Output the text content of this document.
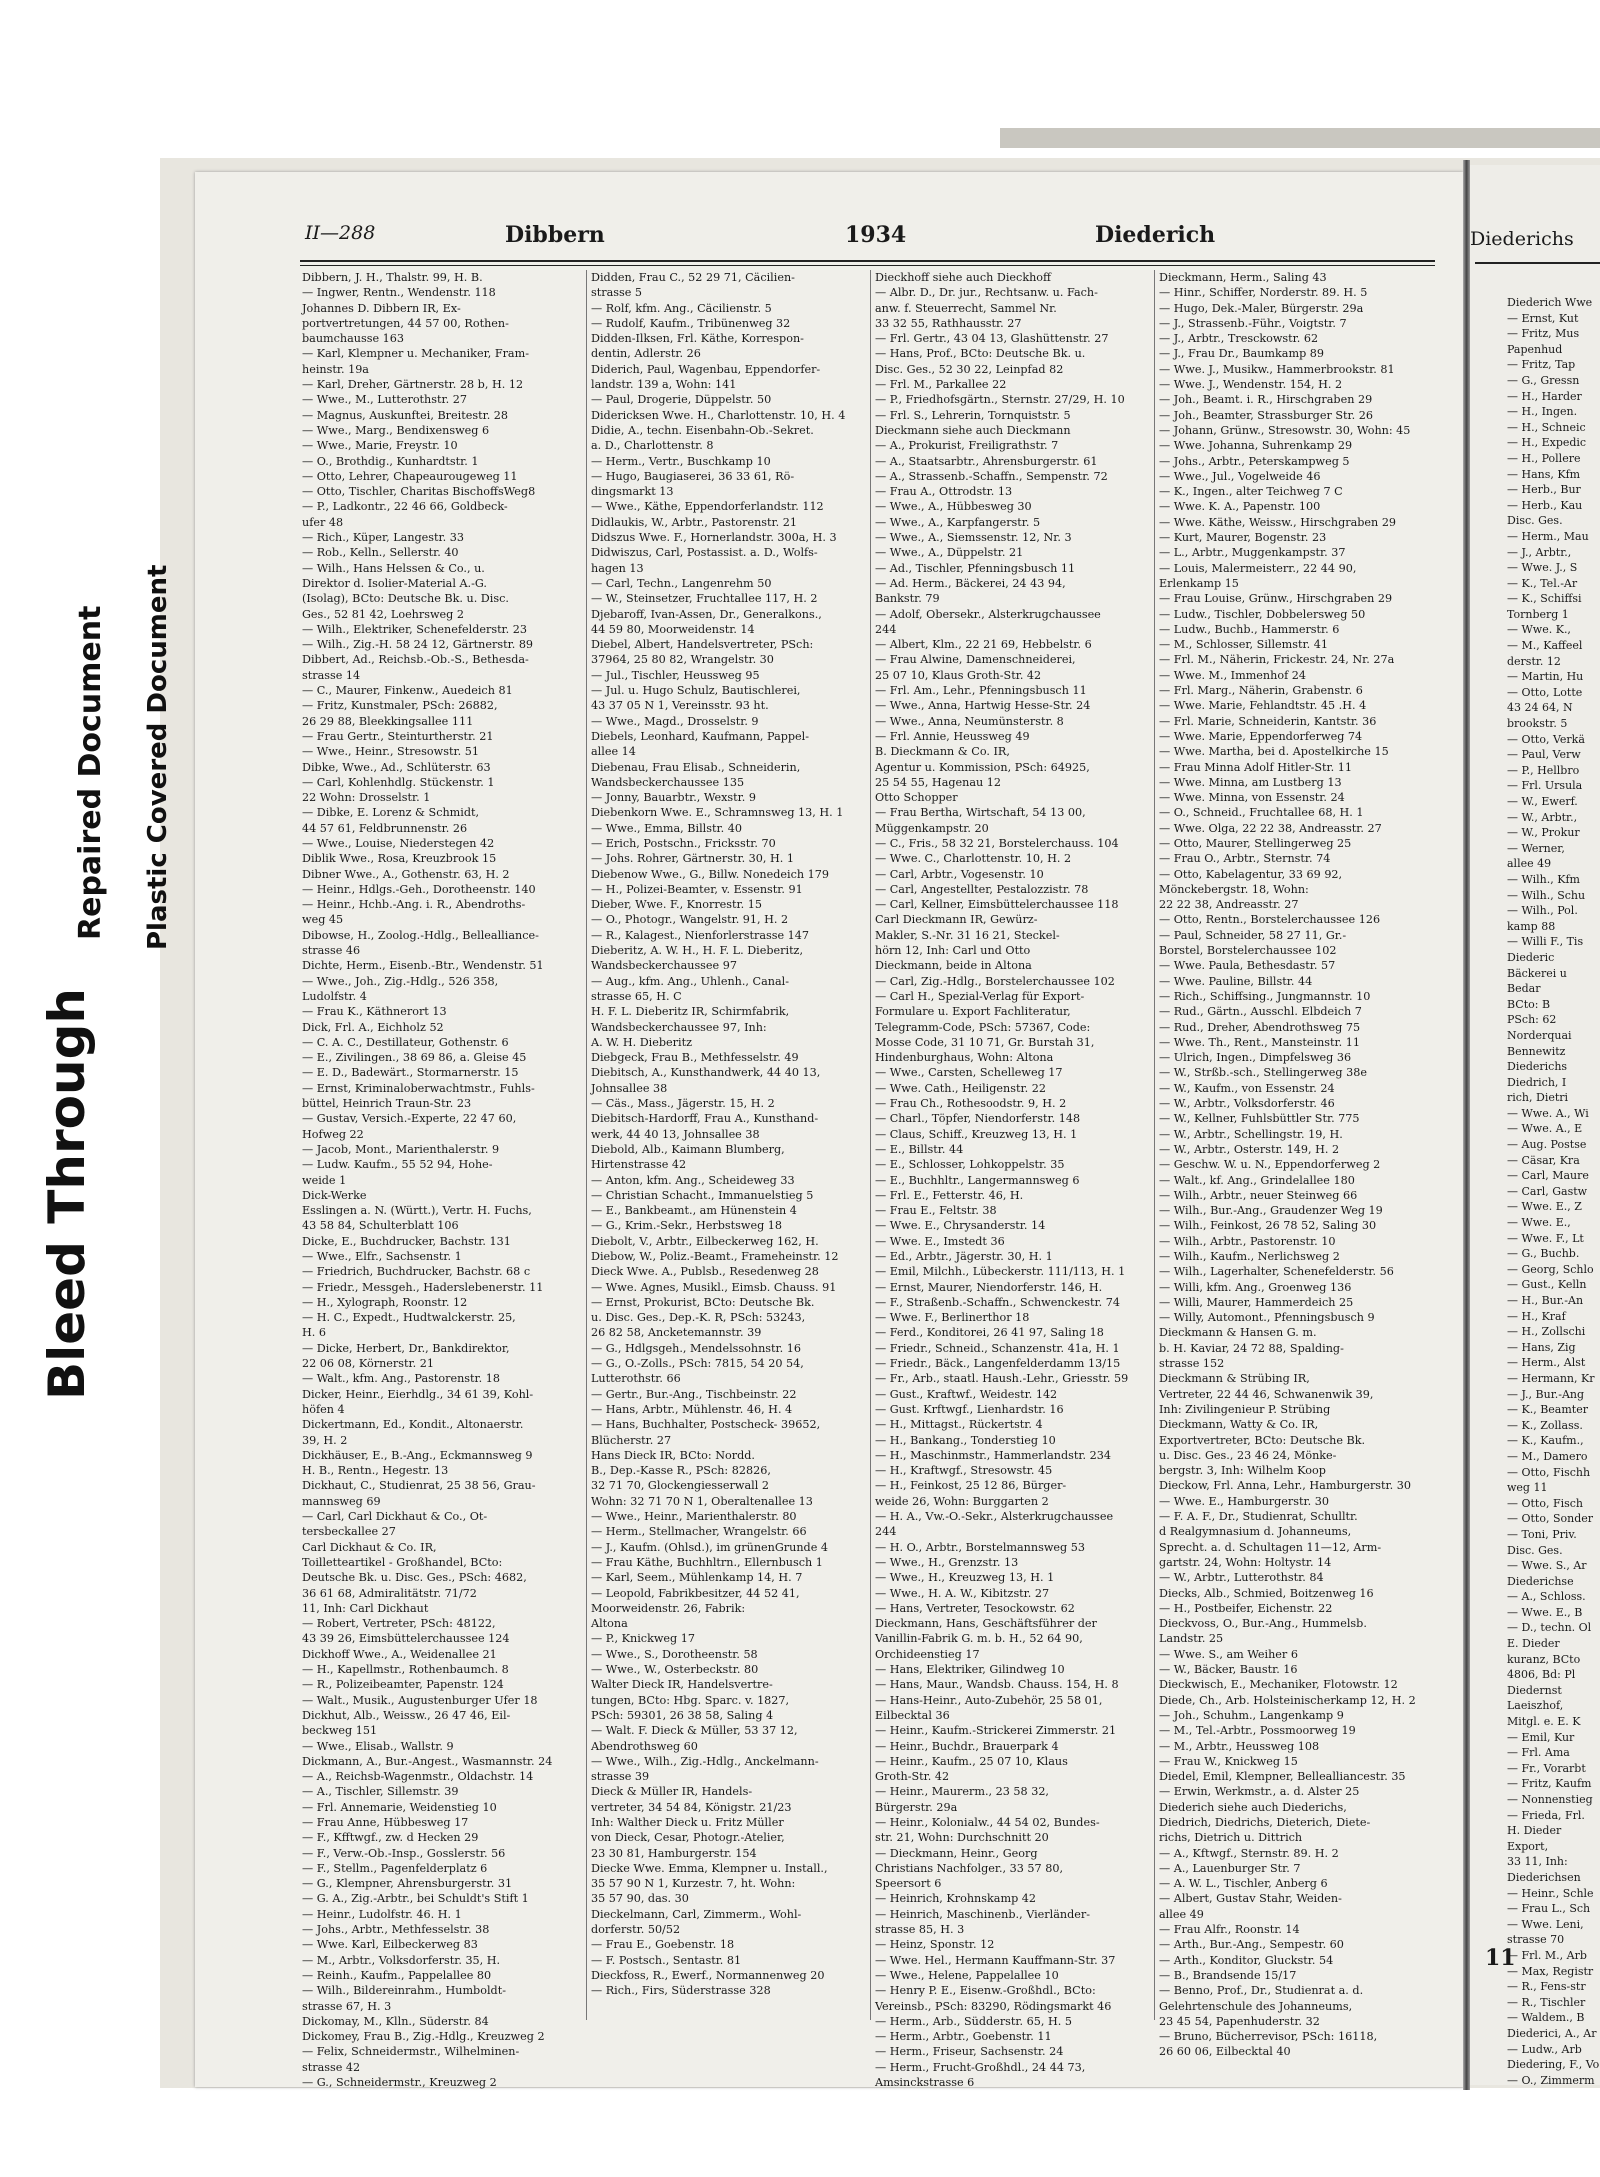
Bleed Through
Repaired Document Plastic Covered Document
II—288	Dibbern	1934	Diederich

Dibbern, J. H., Thalstr. 99, H. B.

— Ingwer, Rentn., Wendenstr. 118

Johannes D. Dibbern IR, Ex-

portvertretungen, 44 57 00, Rothen-

baumchausse 163

— Karl, Klempner u. Mechaniker, Fram-

heinstr. 19a

— Karl, Dreher, Gärtnerstr. 28 b, H. 12

— Wwe., M., Lutterothstr. 27

— Magnus, Auskunftei, Breitestr. 28

— Wwe., Marg., Bendixensweg 6

— Wwe., Marie, Freystr. 10

— O., Brothdig., Kunhardtstr. 1

— Otto, Lehrer, Chapeaurougeweg 11

— Otto, Tischler, Charitas BischoffsWeg8

— P., Ladkontr., 22 46 66, Goldbeck-

ufer 48

— Rich., Küper, Langestr. 33

— Rob., Kelln., Sellerstr. 40

— Wilh., Hans Helssen & Co., u.

Direktor d. Isolier-Material A.-G.

(Isolag), BCto: Deutsche Bk. u. Disc.

Ges., 52 81 42, Loehrsweg 2

— Wilh., Elektriker, Schenefelderstr. 23

— Wilh., Zig.-H. 58 24 12, Gärtnerstr. 89

Dibbert, Ad., Reichsb.-Ob.-S., Bethesda-

strasse 14

— C., Maurer, Finkenw., Auedeich 81

— Fritz, Kunstmaler, PSch: 26882,

26 29 88, Bleekkingsallee 111

— Frau Gertr., Steinturtherstr. 21

— Wwe., Heinr., Stresowstr. 51

Dibke, Wwe., Ad., Schlüterstr. 63

— Carl, Kohlenhdlg. Stückenstr. 1

22 Wohn: Drosselstr. 1

— Dibke, E. Lorenz & Schmidt,

44 57 61, Feldbrunnenstr. 26

— Wwe., Louise, Niederstegen 42

Diblik Wwe., Rosa, Kreuzbrook 15

Dibner Wwe., A., Gothenstr. 63, H. 2

— Heinr., Hdlgs.-Geh., Dorotheenstr. 140

— Heinr., Hchb.-Ang. i. R., Abendroths-

weg 45

Dibowse, H., Zoolog.-Hdlg., Bellealliance-

strasse 46

Dichte, Herm., Eisenb.-Btr., Wendenstr. 51

— Wwe., Joh., Zig.-Hdlg., 526 358,

Ludolfstr. 4

— Frau K., Käthnerort 13

Dick, Frl. A., Eichholz 52

— C. A. C., Destillateur, Gothenstr. 6

— E., Zivilingen., 38 69 86, a. Gleise 45

— E. D., Badewärt., Stormarnerstr. 15

— Ernst, Kriminaloberwachtmstr., Fuhls-

büttel, Heinrich Traun-Str. 23

— Gustav, Versich.-Experte, 22 47 60,

Hofweg 22

— Jacob, Mont., Marienthalerstr. 9

— Ludw. Kaufm., 55 52 94, Hohe-

weide 1

Dick-Werke

Esslingen a. N. (Württ.), Vertr. H. Fuchs,

43 58 84, Schulterblatt 106

Dicke, E., Buchdrucker, Bachstr. 131

— Wwe., Elfr., Sachsenstr. 1

— Friedrich, Buchdrucker, Bachstr. 68 c

— Friedr., Messgeh., Haderslebenerstr. 11

— H., Xylograph, Roonstr. 12

— H. C., Expedt., Hudtwalckerstr. 25,

H. 6

— Dicke, Herbert, Dr., Bankdirektor,

22 06 08, Körnerstr. 21

— Walt., kfm. Ang., Pastorenstr. 18

Dicker, Heinr., Eierhdlg., 34 61 39, Kohl-

höfen 4

Dickertmann, Ed., Kondit., Altonaerstr.

39, H. 2

Dickhäuser, E., B.-Ang., Eckmannsweg 9

H. B., Rentn., Hegestr. 13

Dickhaut, C., Studienrat, 25 38 56, Grau-

mannsweg 69

— Carl, Carl Dickhaut & Co., Ot-

tersbeckallee 27

Carl Dickhaut & Co. IR,

Toilletteartikel - Großhandel, BCto:

Deutsche Bk. u. Disc. Ges., PSch: 4682,

36 61 68, Admiralitätstr. 71/72

11, Inh: Carl Dickhaut

— Robert, Vertreter, PSch: 48122,

43 39 26, Eimsbüttelerchaussee 124

Dickhoff Wwe., A., Weidenallee 21

— H., Kapellmstr., Rothenbaumch. 8

— R., Polizeibeamter, Papenstr. 124

— Walt., Musik., Augustenburger Ufer 18

Dickhut, Alb., Weissw., 26 47 46, Eil-

beckweg 151

— Wwe., Elisab., Wallstr. 9

Dickmann, A., Bur.-Angest., Wasmannstr. 24

— A., Reichsb-Wagenmstr., Oldachstr. 14

— A., Tischler, Sillemstr. 39

— Frl. Annemarie, Weidenstieg 10

— Frau Anne, Hübbesweg 17

— F., Kfftwgf., zw. d Hecken 29

— F., Verw.-Ob.-Insp., Gosslerstr. 56

— F., Stellm., Pagenfelderplatz 6

— G., Klempner, Ahrensburgerstr. 31

— G. A., Zig.-Arbtr., bei Schuldt's Stift 1

— Heinr., Ludolfstr. 46. H. 1

— Johs., Arbtr., Methfesselstr. 38

— Wwe. Karl, Eilbeckerweg 83

— M., Arbtr., Volksdorferstr. 35, H.

— Reinh., Kaufm., Pappelallee 80

— Wilh., Bildereinrahm., Humboldt-

strasse 67, H. 3

Dickomay, M., Klln., Süderstr. 84

Dickomey, Frau B., Zig.-Hdlg., Kreuzweg 2

— Felix, Schneidermstr., Wilhelminen-

strasse 42

— G., Schneidermstr., Kreuzweg 2

Didden, Frau C., 52 29 71, Cäcilien-

strasse 5

— Rolf, kfm. Ang., Cäcilienstr. 5

— Rudolf, Kaufm., Tribünenweg 32

Didden-Ilksen, Frl. Käthe, Korrespon-

dentin, Adlerstr. 26

Diderich, Paul, Wagenbau, Eppendorfer-

landstr. 139 a, Wohn: 141

— Paul, Drogerie, Düppelstr. 50

Didericksen Wwe. H., Charlottenstr. 10, H. 4

Didie, A., techn. Eisenbahn-Ob.-Sekret.

a. D., Charlottenstr. 8

— Herm., Vertr., Buschkamp 10

— Hugo, Baugiaserei, 36 33 61, Rö-

dingsmarkt 13

— Wwe., Käthe, Eppendorferlandstr. 112

Didlaukis, W., Arbtr., Pastorenstr. 21

Didszus Wwe. F., Hornerlandstr. 300a, H. 3

Didwiszus, Carl, Postassist. a. D., Wolfs-

hagen 13

— Carl, Techn., Langenrehm 50

— W., Steinsetzer, Fruchtallee 117, H. 2

Djebaroff, Ivan-Assen, Dr., Generalkons.,

44 59 80, Moorweidenstr. 14

Diebel, Albert, Handelsvertreter, PSch:

37964, 25 80 82, Wrangelstr. 30

— Jul., Tischler, Heussweg 95

— Jul. u. Hugo Schulz, Bautischlerei,

43 37 05 N 1, Vereinsstr. 93 ht.

— Wwe., Magd., Drosselstr. 9

Diebels, Leonhard, Kaufmann, Pappel-

allee 14

Diebenau, Frau Elisab., Schneiderin,

Wandsbeckerchaussee 135

— Jonny, Bauarbtr., Wexstr. 9

Diebenkorn Wwe. E., Schramnsweg 13, H. 1

— Wwe., Emma, Billstr. 40

— Erich, Postschn., Fricksstr. 70

— Johs. Rohrer, Gärtnerstr. 30, H. 1

Diebenow Wwe., G., Billw. Nonedeich 179

— H., Polizei-Beamter, v. Essenstr. 91

Dieber, Wwe. F., Knorrestr. 15

— O., Photogr., Wangelstr. 91, H. 2

— R., Kalagest., Nienforlerstrasse 147

Dieberitz, A. W. H., H. F. L. Dieberitz,

Wandsbeckerchaussee 97

— Aug., kfm. Ang., Uhlenh., Canal-

strasse 65, H. C

H. F. L. Dieberitz IR, Schirmfabrik,

Wandsbeckerchaussee 97, Inh:

A. W. H. Dieberitz

Diebgeck, Frau B., Methfesselstr. 49

Diebitsch, A., Kunsthandwerk, 44 40 13,

Johnsallee 38

— Cäs., Mass., Jägerstr. 15, H. 2

Diebitsch-Hardorff, Frau A., Kunsthand-

werk, 44 40 13, Johnsallee 38

Diebold, Alb., Kaimann Blumberg,

Hirtenstrasse 42

— Anton, kfm. Ang., Scheideweg 33

— Christian Schacht., Immanuelstieg 5

— E., Bankbeamt., am Hünenstein 4

— G., Krim.-Sekr., Herbstsweg 18

Diebolt, V., Arbtr., Eilbeckerweg 162, H.

Diebow, W., Poliz.-Beamt., Frameheinstr. 12

Dieck Wwe. A., Publsb., Resedenweg 28

— Wwe. Agnes, Musikl., Eimsb. Chauss. 91

— Ernst, Prokurist, BCto: Deutsche Bk.

u. Disc. Ges., Dep.-K. R, PSch: 53243,

26 82 58, Ancketemannstr. 39

— G., Hdlgsgeh., Mendelssohnstr. 16

— G., O.-Zolls., PSch: 7815, 54 20 54,

Lutterothstr. 66

— Gertr., Bur.-Ang., Tischbeinstr. 22

— Hans, Arbtr., Mühlenstr. 46, H. 4

— Hans, Buchhalter, Postscheck- 39652,

Blücherstr. 27

Hans Dieck IR, BCto: Nordd.

B., Dep.-Kasse R., PSch: 82826,

32 71 70, Glockengiesserwall 2

Wohn: 32 71 70 N 1, Oberaltenallee 13

— Wwe., Heinr., Marienthalerstr. 80

— Herm., Stellmacher, Wrangelstr. 66

— J., Kaufm. (Ohlsd.), im grünenGrunde 4

— Frau Käthe, Buchhltrn., Ellernbusch 1

— Karl, Seem., Mühlenkamp 14, H. 7

— Leopold, Fabrikbesitzer, 44 52 41,

Moorweidenstr. 26, Fabrik:

Altona

— P., Knickweg 17

— Wwe., S., Dorotheenstr. 58

— Wwe., W., Osterbeckstr. 80

Walter Dieck IR, Handelsvertre-

tungen, BCto: Hbg. Sparc. v. 1827,

PSch: 59301, 26 38 58, Saling 4

— Walt. F. Dieck & Müller, 53 37 12,

Abendrothsweg 60

— Wwe., Wilh., Zig.-Hdlg., Anckelmann-

strasse 39

Dieck & Müller IR, Handels-

vertreter, 34 54 84, Königstr. 21/23

Inh: Walther Dieck u. Fritz Müller

von Dieck, Cesar, Photogr.-Atelier,

23 30 81, Hamburgerstr. 154

Diecke Wwe. Emma, Klempner u. Install.,

35 57 90 N 1, Kurzestr. 7, ht. Wohn:

35 57 90, das. 30

Dieckelmann, Carl, Zimmerm., Wohl-

dorferstr. 50/52

— Frau E., Goebenstr. 18

— F. Postsch., Sentastr. 81

Dieckfoss, R., Ewerf., Normannenweg 20

— Rich., Firs, Süderstrasse 328

Dieckhoff siehe auch Dieckhoff

— Albr. D., Dr. jur., Rechtsanw. u. Fach-

anw. f. Steuerrecht, Sammel Nr.

33 32 55, Rathhausstr. 27

— Frl. Gertr., 43 04 13, Glashüttenstr. 27

— Hans, Prof., BCto: Deutsche Bk. u.

Disc. Ges., 52 30 22, Leinpfad 82

— Frl. M., Parkallee 22

— P., Friedhofsgärtn., Sternstr. 27/29, H. 10

— Frl. S., Lehrerin, Tornquiststr. 5

Dieckmann siehe auch Dieckmann

— A., Prokurist, Freiligrathstr. 7

— A., Staatsarbtr., Ahrensburgerstr. 61

— A., Strassenb.-Schaffn., Sempenstr. 72

— Frau A., Ottrodstr. 13

— Wwe., A., Hübbesweg 30

— Wwe., A., Karpfangerstr. 5

— Wwe., A., Siemssenstr. 12, Nr. 3

— Wwe., A., Düppelstr. 21

— Ad., Tischler, Pfenningsbusch 11

— Ad. Herm., Bäckerei, 24 43 94,

Bankstr. 79

— Adolf, Obersekr., Alsterkrugchaussee

244

— Albert, Klm., 22 21 69, Hebbelstr. 6

— Frau Alwine, Damenschneiderei,

25 07 10, Klaus Groth-Str. 42

— Frl. Am., Lehr., Pfenningsbusch 11

— Wwe., Anna, Hartwig Hesse-Str. 24

— Wwe., Anna, Neumünsterstr. 8

— Frl. Annie, Heussweg 49

B. Dieckmann & Co. IR,

Agentur u. Kommission, PSch: 64925,

25 54 55, Hagenau 12

Otto Schopper

— Frau Bertha, Wirtschaft, 54 13 00,

Müggenkampstr. 20

— C., Fris., 58 32 21, Borstelerchauss. 104

— Wwe. C., Charlottenstr. 10, H. 2

— Carl, Arbtr., Vogesenstr. 10

— Carl, Angestellter, Pestalozzistr. 78

— Carl, Kellner, Eimsbüttelerchaussee 118

Carl Dieckmann IR, Gewürz-

Makler, S.-Nr. 31 16 21, Steckel-

hörn 12, Inh: Carl und Otto

Dieckmann, beide in Altona

— Carl, Zig.-Hdlg., Borstelerchaussee 102

— Carl H., Spezial-Verlag für Export-

Formulare u. Export Fachliteratur,

Telegramm-Code, PSch: 57367, Code:

Mosse Code, 31 10 71, Gr. Burstah 31,

Hindenburghaus, Wohn: Altona

— Wwe., Carsten, Schelleweg 17

— Wwe. Cath., Heiligenstr. 22

— Frau Ch., Rothesoodstr. 9, H. 2

— Charl., Töpfer, Niendorferstr. 148

— Claus, Schiff., Kreuzweg 13, H. 1

— E., Billstr. 44

— E., Schlosser, Lohkoppelstr. 35

— E., Buchhltr., Langermannsweg 6

— Frl. E., Fetterstr. 46, H.

— Frau E., Feltstr. 38

— Wwe. E., Chrysanderstr. 14

— Wwe. E., Imstedt 36

— Ed., Arbtr., Jägerstr. 30, H. 1

— Emil, Milchh., Lübeckerstr. 111/113, H. 1

— Ernst, Maurer, Niendorferstr. 146, H.

— F., Straßenb.-Schaffn., Schwenckestr. 74

— Wwe. F., Berlinerthor 18

— Ferd., Konditorei, 26 41 97, Saling 18

— Friedr., Schneid., Schanzenstr. 41a, H. 1

— Friedr., Bäck., Langenfelderdamm 13/15

— Fr., Arb., staatl. Haush.-Lehr., Griesstr. 59

— Gust., Kraftwf., Weidestr. 142

— Gust. Krftwgf., Lienhardstr. 16

— H., Mittagst., Rückertstr. 4

— H., Bankang., Tonderstieg 10

— H., Maschinmstr., Hammerlandstr. 234

— H., Kraftwgf., Stresowstr. 45

— H., Feinkost, 25 12 86, Bürger-

weide 26, Wohn: Burggarten 2

— H. A., Vw.-O.-Sekr., Alsterkrugchaussee

244

— H. O., Arbtr., Borstelmannsweg 53

— Wwe., H., Grenzstr. 13

— Wwe., H., Kreuzweg 13, H. 1

— Wwe., H. A. W., Kibitzstr. 27

— Hans, Vertreter, Tesockowstr. 62

Dieckmann, Hans, Geschäftsführer der

Vanillin-Fabrik G. m. b. H., 52 64 90,

Orchideenstieg 17

— Hans, Elektriker, Gilindweg 10

— Hans, Maur., Wandsb. Chauss. 154, H. 8

— Hans-Heinr., Auto-Zubehör, 25 58 01,

Eilbecktal 36

— Heinr., Kaufm.-Strickerei Zimmerstr. 21

— Heinr., Buchdr., Brauerpark 4

— Heinr., Kaufm., 25 07 10, Klaus

Groth-Str. 42

— Heinr., Maurerm., 23 58 32,

Bürgerstr. 29a

— Heinr., Kolonialw., 44 54 02, Bundes-

str. 21, Wohn: Durchschnitt 20

— Dieckmann, Heinr., Georg

Christians Nachfolger., 33 57 80,

Speersort 6

— Heinrich, Krohnskamp 42

— Heinrich, Maschinenb., Vierländer-

strasse 85, H. 3

— Heinz, Sponstr. 12

— Wwe. Hel., Hermann Kauffmann-Str. 37

— Wwe., Helene, Pappelallee 10

— Henry P. E., Eisenw.-Großhdl., BCto:

Vereinsb., PSch: 83290, Rödingsmarkt 46

— Herm., Arb., Südderstr. 65, H. 5

— Herm., Arbtr., Goebenstr. 11

— Herm., Friseur, Sachsenstr. 24

— Herm., Frucht-Großhdl., 24 44 73,

Amsinckstrasse 6

Dieckmann, Herm., Saling 43

— Hinr., Schiffer, Norderstr. 89. H. 5

— Hugo, Dek.-Maler, Bürgerstr. 29a

— J., Strassenb.-Führ., Voigtstr. 7

— J., Arbtr., Tresckowstr. 62

— J., Frau Dr., Baumkamp 89

— Wwe. J., Musikw., Hammerbrookstr. 81

— Wwe. J., Wendenstr. 154, H. 2

— Joh., Beamt. i. R., Hirschgraben 29

— Joh., Beamter, Strassburger Str. 26

— Johann, Grünw., Stresowstr. 30, Wohn: 45

— Wwe. Johanna, Suhrenkamp 29

— Johs., Arbtr., Peterskampweg 5

— Wwe., Jul., Vogelweide 46

— K., Ingen., alter Teichweg 7 C

— Wwe. K. A., Papenstr. 100

— Wwe. Käthe, Weissw., Hirschgraben 29

— Kurt, Maurer, Bogenstr. 23

— L., Arbtr., Muggenkampstr. 37

— Louis, Malermeisterr., 22 44 90,

Erlenkamp 15

— Frau Louise, Grünw., Hirschgraben 29

— Ludw., Tischler, Dobbelersweg 50

— Ludw., Buchb., Hammerstr. 6

— M., Schlosser, Sillemstr. 41

— Frl. M., Näherin, Frickestr. 24, Nr. 27a

— Wwe. M., Immenhof 24

— Frl. Marg., Näherin, Grabenstr. 6

— Wwe. Marie, Fehlandtstr. 45 .H. 4

— Frl. Marie, Schneiderin, Kantstr. 36

— Wwe. Marie, Eppendorferweg 74

— Wwe. Martha, bei d. Apostelkirche 15

— Frau Minna Adolf Hitler-Str. 11

— Wwe. Minna, am Lustberg 13

— Wwe. Minna, von Essenstr. 24

— O., Schneid., Fruchtallee 68, H. 1

— Wwe. Olga, 22 22 38, Andreasstr. 27

— Otto, Maurer, Stellingerweg 25

— Frau O., Arbtr., Sternstr. 74

— Otto, Kabelagentur, 33 69 92,

Mönckebergstr. 18, Wohn:

22 22 38, Andreasstr. 27

— Otto, Rentn., Borstelerchaussee 126

— Paul, Schneider, 58 27 11, Gr.-

Borstel, Borstelerchaussee 102

— Wwe. Paula, Bethesdastr. 57

— Wwe. Pauline, Billstr. 44

— Rich., Schiffsing., Jungmannstr. 10

— Rud., Gärtn., Ausschl. Elbdeich 7

— Rud., Dreher, Abendrothsweg 75

— Wwe. Th., Rent., Mansteinstr. 11

— Ulrich, Ingen., Dimpfelsweg 36

— W., Strßb.-sch., Stellingerweg 38e

— W., Kaufm., von Essenstr. 24

— W., Arbtr., Volksdorferstr. 46

— W., Kellner, Fuhlsbüttler Str. 775

— W., Arbtr., Schellingstr. 19, H.

— W., Arbtr., Osterstr. 149, H. 2

— Geschw. W. u. N., Eppendorferweg 2

— Walt., kf. Ang., Grindelallee 180

— Wilh., Arbtr., neuer Steinweg 66

— Wilh., Bur.-Ang., Graudenzer Weg 19

— Wilh., Feinkost, 26 78 52, Saling 30

— Wilh., Arbtr., Pastorenstr. 10

— Wilh., Kaufm., Nerlichsweg 2

— Wilh., Lagerhalter, Schenefelderstr. 56

— Willi, kfm. Ang., Groenweg 136

— Willi, Maurer, Hammerdeich 25

— Willy, Automont., Pfenningsbusch 9

Dieckmann & Hansen G. m.

b. H. Kaviar, 24 72 88, Spalding-

strasse 152

Dieckmann & Strübing IR,

Vertreter, 22 44 46, Schwanenwik 39,

Inh: Zivilingenieur P. Strübing

Dieckmann, Watty & Co. IR,

Exportvertreter, BCto: Deutsche Bk.

u. Disc. Ges., 23 46 24, Mönke-

bergstr. 3, Inh: Wilhelm Koop

Dieckow, Frl. Anna, Lehr., Hamburgerstr. 30

— Wwe. E., Hamburgerstr. 30

— F. A. F., Dr., Studienrat, Schulltr.

d Realgymnasium d. Johanneums,

Sprecht. a. d. Schultagen 11—12, Arm-

gartstr. 24, Wohn: Holtystr. 14

— W., Arbtr., Lutterothstr. 84

Diecks, Alb., Schmied, Boitzenweg 16

— H., Postbeifer, Eichenstr. 22

Dieckvoss, O., Bur.-Ang., Hummelsb.

Landstr. 25

— Wwe. S., am Weiher 6

— W., Bäcker, Baustr. 16

Dieckwisch, E., Mechaniker, Flotowstr. 12

Diede, Ch., Arb. Holsteinischerkamp 12, H. 2

— Joh., Schuhm., Langenkamp 9

— M., Tel.-Arbtr., Possmoorweg 19

— M., Arbtr., Heussweg 108

— Frau W., Knickweg 15

Diedel, Emil, Klempner, Bellealliancestr. 35

— Erwin, Werkmstr., a. d. Alster 25

Diederich siehe auch Diederichs,

Diedrich, Diedrichs, Dieterich, Diete-

richs, Dietrich u. Dittrich

— A., Kftwgf., Sternstr. 89. H. 2

— A., Lauenburger Str. 7

— A. W. L., Tischler, Anberg 6

— Albert, Gustav Stahr, Weiden-

allee 49

— Frau Alfr., Roonstr. 14

— Arth., Bur.-Ang., Sempestr. 60

— Arth., Konditor, Gluckstr. 54

— B., Brandsende 15/17

— Benno, Prof., Dr., Studienrat a. d.

Gelehrtenschule des Johanneums,

23 45 54, Papenhuderstr. 32

— Bruno, Bücherrevisor, PSch: 16118,

26 60 06, Eilbecktal 40

Diederichs

Diederich Wwe

— Ernst, Kut

— Fritz, Mus

Papenhud

— Fritz, Tap

— G., Gressn

— H., Harder

— H., Ingen.

— H., Schneic

— H., Expedic

— H., Pollere

— Hans, Kfm

— Herb., Bur

— Herb., Kau

Disc. Ges.

— Herm., Mau

— J., Arbtr.,

— Wwe. J., S

— K., Tel.-Ar

— K., Schiffsi

Tornberg 1

— Wwe. K.,

— M., Kaffeel

derstr. 12

— Martin, Hu

— Otto, Lotte

43 24 64, N

brookstr. 5

— Otto, Verkä

— Paul, Verw

— P., Hellbro

— Frl. Ursula

— W., Ewerf.

— W., Arbtr.,

— W., Prokur

— Werner,

allee 49

— Wilh., Kfm

— Wilh., Schu

— Wilh., Pol.

kamp 88

— Willi F., Tis

Diederic

Bäckerei u

Bedar

BCto: B

PSch: 62

Norderquai

Bennewitz

Diederichs

Diedrich, I

rich, Dietri

— Wwe. A., Wi

— Wwe. A., E

— Aug. Postse

— Cäsar, Kra

— Carl, Maure

— Carl, Gastw

— Wwe. E., Z

— Wwe. E.,

— Wwe. F., Lt

— G., Buchb.

— Georg, Schlo

— Gust., Kelln

— H., Bur.-An

— H., Kraf

— H., Zollschi

— Hans, Zig

— Herm., Alst

— Hermann, Kr

— J., Bur.-Ang

— K., Beamter

— K., Zollass.

— K., Kaufm.,

— M., Damero

— Otto, Fischh

weg 11

— Otto, Fisch

— Otto, Sonder

— Toni, Priv.

Disc. Ges.

— Wwe. S., Ar

Diederichse

— A., Schloss.

— Wwe. E., B

— D., techn. Ol

E. Dieder

kuranz, BCto

4806, Bd: Pl

Diedernst

Laeiszhof,

Mitgl. e. E. K

— Emil, Kur

— Frl. Ama

— Fr., Vorarbt

— Fritz, Kaufm

— Nonnenstieg

— Frieda, Frl.

H. Dieder

Export,

33 11, Inh:

Diederichsen

— Heinr., Schle

— Frau L., Sch

— Wwe. Leni,

strasse 70

— Frl. M., Arb

— Max, Registr

— R., Fens-str

— R., Tischler

— Waldem., B

Diederici, A., Ar

— Ludw., Arb

Diedering, F., Vo

— O., Zimmerm

11
